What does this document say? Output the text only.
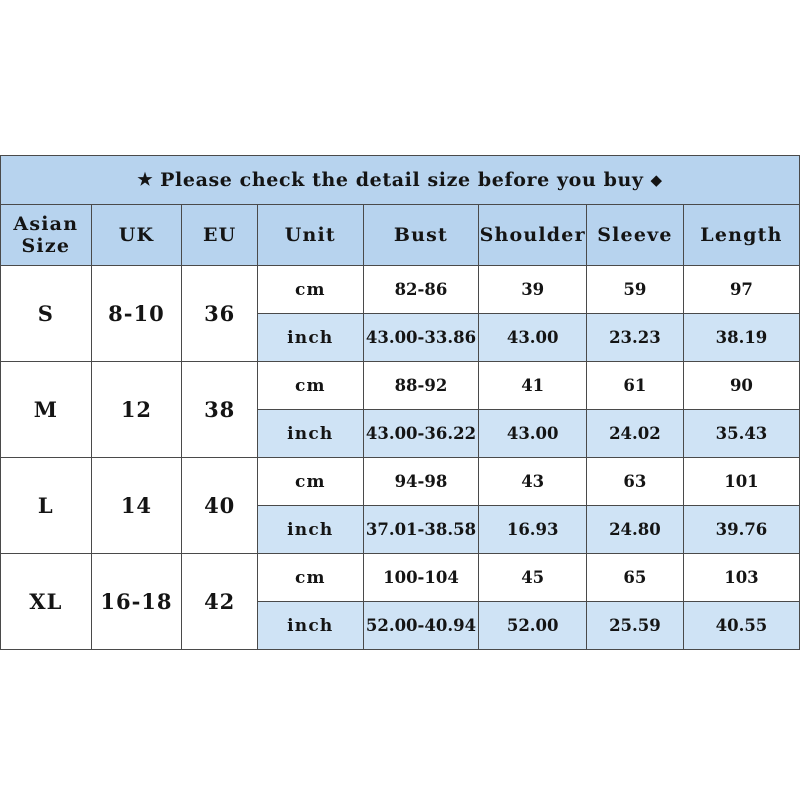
★ Please check the detail size before you buy ◆							

Asian
Size	UK	EU	Unit	Bust	Shoulder	Sleeve	Length
S	8-10	36	cm	82-86	39	59	97
			inch	43.00-33.86	43.00	23.23	38.19
M	12	38	cm	88-92	41	61	90
			inch	43.00-36.22	43.00	24.02	35.43
L	14	40	cm	94-98	43	63	101
			inch	37.01-38.58	16.93	24.80	39.76
XL	16-18	42	cm	100-104	45	65	103
			inch	52.00-40.94	52.00	25.59	40.55
